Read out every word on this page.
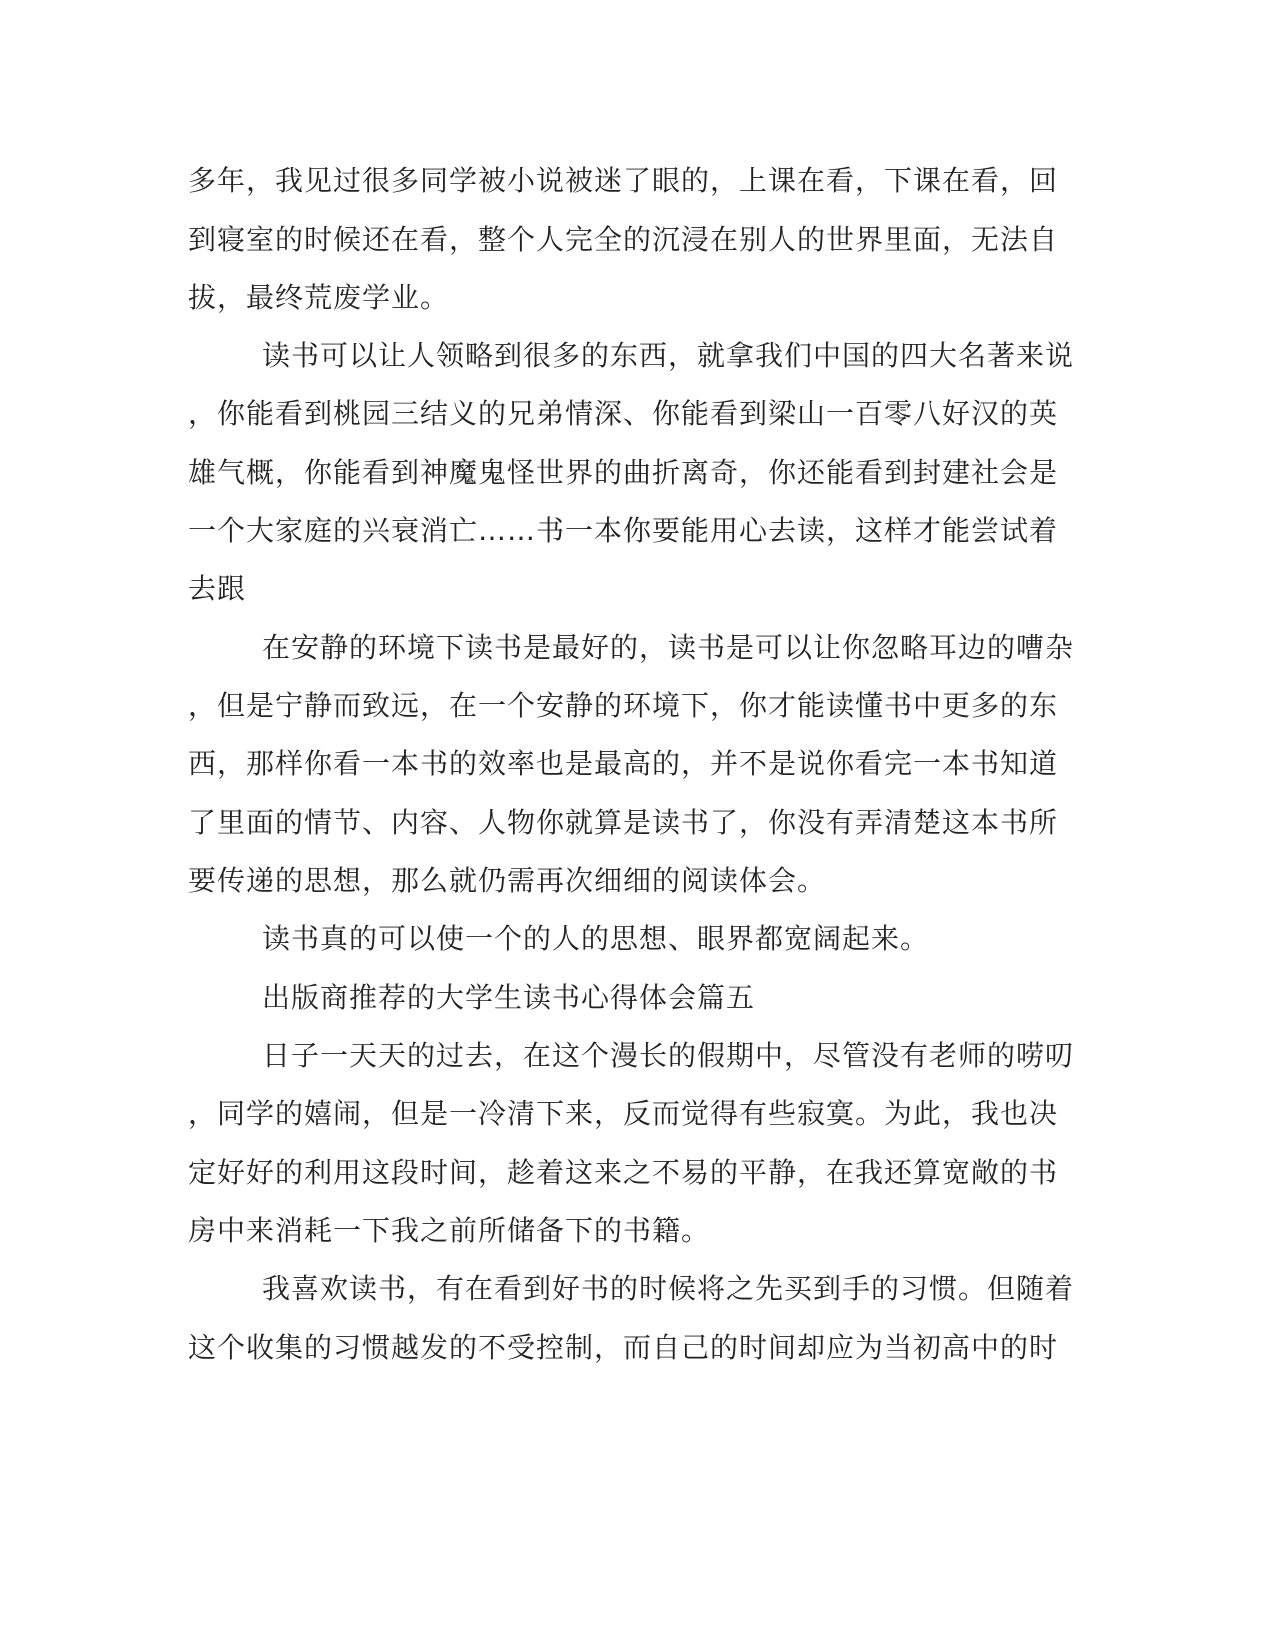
多年，我见过很多同学被小说被迷了眼的，上课在看，下课在看，回
到寝室的时候还在看，整个人完全的沉浸在别人的世界里面，无法自
拔，最终荒废学业。
读书可以让人领略到很多的东西，就拿我们中国的四大名著来说
，你能看到桃园三结义的兄弟情深、你能看到梁山一百零八好汉的英
雄气概，你能看到神魔鬼怪世界的曲折离奇，你还能看到封建社会是
一个大家庭的兴衰消亡……书一本你要能用心去读，这样才能尝试着
去跟
在安静的环境下读书是最好的，读书是可以让你忽略耳边的嘈杂
，但是宁静而致远，在一个安静的环境下，你才能读懂书中更多的东
西，那样你看一本书的效率也是最高的，并不是说你看完一本书知道
了里面的情节、内容、人物你就算是读书了，你没有弄清楚这本书所
要传递的思想，那么就仍需再次细细的阅读体会。
读书真的可以使一个的人的思想、眼界都宽阔起来。
出版商推荐的大学生读书心得体会篇五
日子一天天的过去，在这个漫长的假期中，尽管没有老师的唠叨
，同学的嬉闹，但是一冷清下来，反而觉得有些寂寞。为此，我也决
定好好的利用这段时间，趁着这来之不易的平静，在我还算宽敞的书
房中来消耗一下我之前所储备下的书籍。
我喜欢读书，有在看到好书的时候将之先买到手的习惯。但随着
这个收集的习惯越发的不受控制，而自己的时间却应为当初高中的时
